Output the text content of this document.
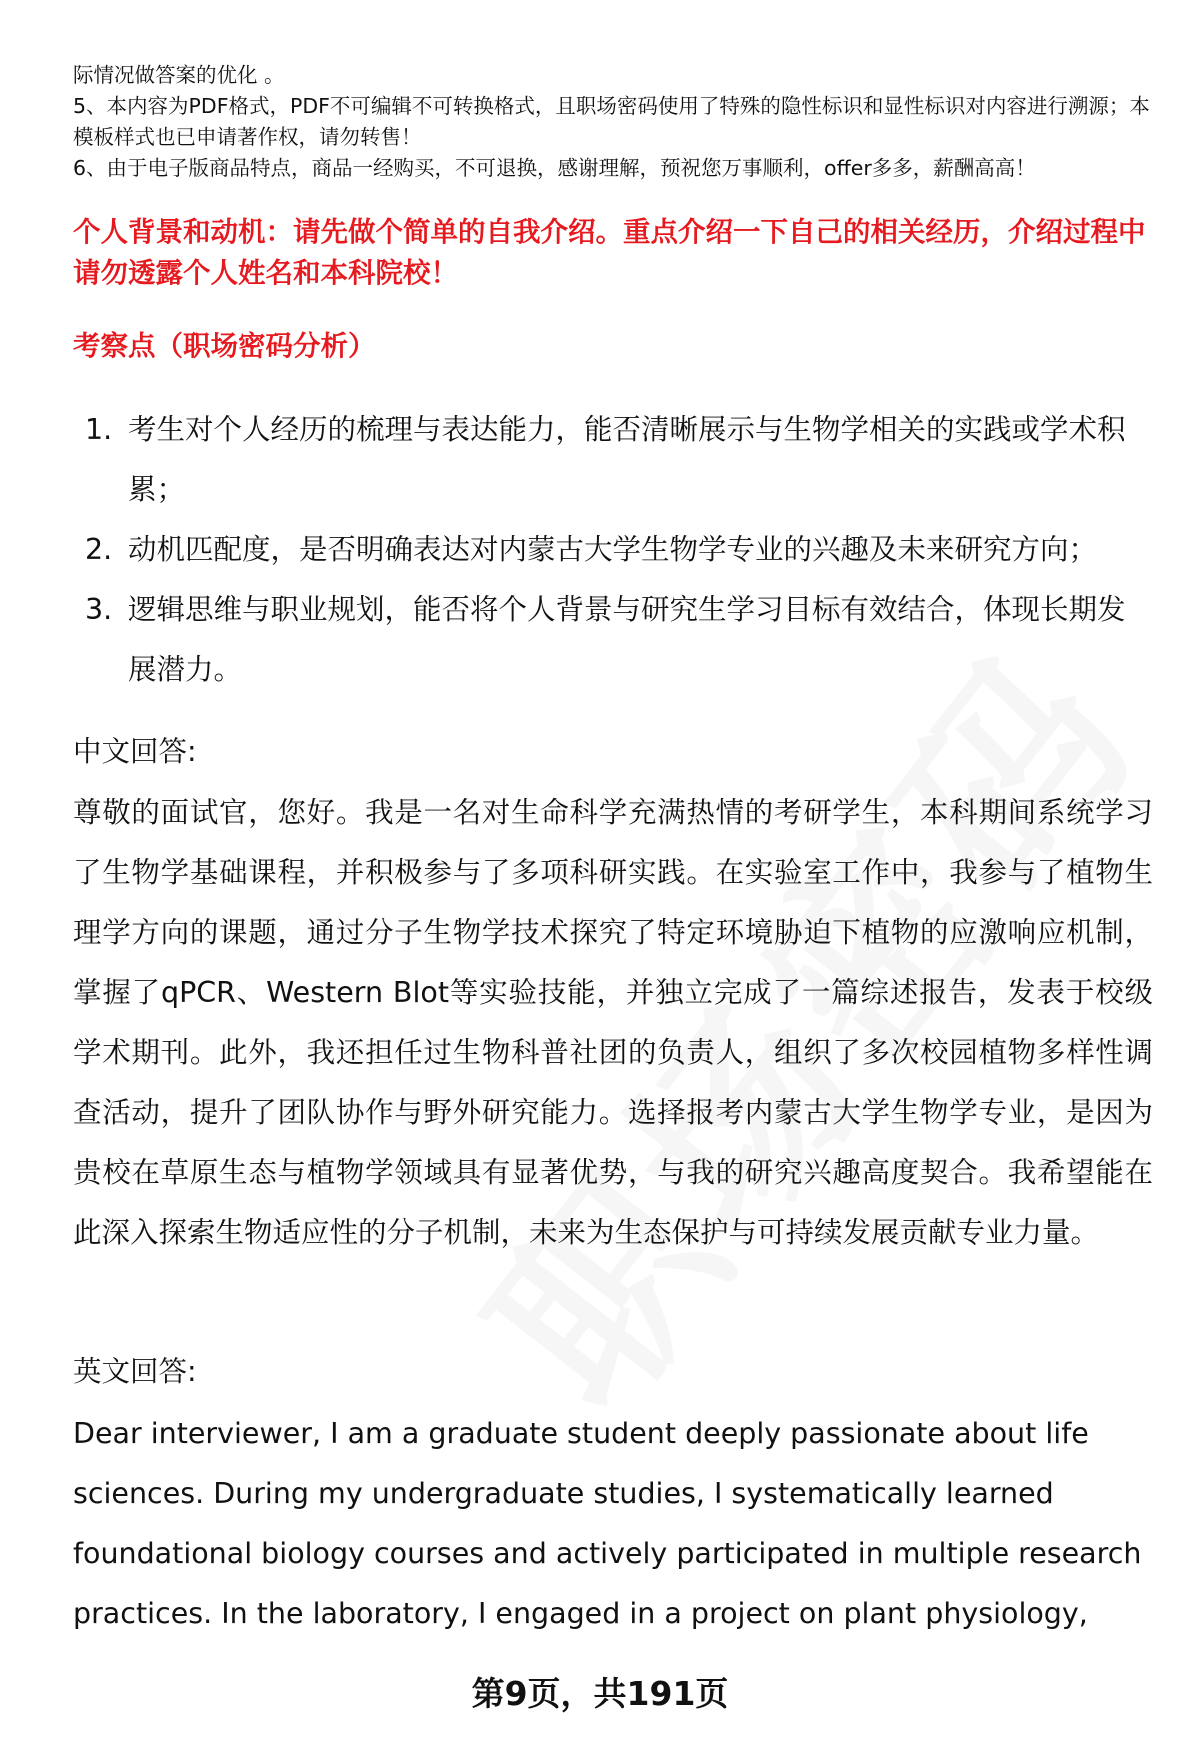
际情况做答案的优化 。

5、本内容为PDF格式，PDF不可编辑不可转换格式，且职场密码使用了特殊的隐性标识和显性标识对内容进行溯源；本模板样式也已申请著作权，请勿转售！

6、由于电子版商品特点，商品一经购买，不可退换，感谢理解，预祝您万事顺利，offer多多，薪酬高高！

个人背景和动机：请先做个简单的自我介绍。重点介绍一下自己的相关经历，介绍过程中请勿透露个人姓名和本科院校！

考察点（职场密码分析）

1. 考生对个人经历的梳理与表达能力，能否清晰展示与生物学相关的实践或学术积累；
2. 动机匹配度，是否明确表达对内蒙古大学生物学专业的兴趣及未来研究方向；
3. 逻辑思维与职业规划，能否将个人背景与研究生学习目标有效结合，体现长期发展潜力。

中文回答:

尊敬的面试官，您好。我是一名对生命科学充满热情的考研学生，本科期间系统学习了生物学基础课程，并积极参与了多项科研实践。在实验室工作中，我参与了植物生理学方向的课题，通过分子生物学技术探究了特定环境胁迫下植物的应激响应机制，掌握了qPCR、Western Blot等实验技能，并独立完成了一篇综述报告，发表于校级学术期刊。此外，我还担任过生物科普社团的负责人，组织了多次校园植物多样性调查活动，提升了团队协作与野外研究能力。选择报考内蒙古大学生物学专业，是因为贵校在草原生态与植物学领域具有显著优势，与我的研究兴趣高度契合。我希望能在此深入探索生物适应性的分子机制，未来为生态保护与可持续发展贡献专业力量。

英文回答:

Dear interviewer, I am a graduate student deeply passionate about life sciences. During my undergraduate studies, I systematically learned foundational biology courses and actively participated in multiple research practices. In the laboratory, I engaged in a project on plant physiology,

第9页，共191页
